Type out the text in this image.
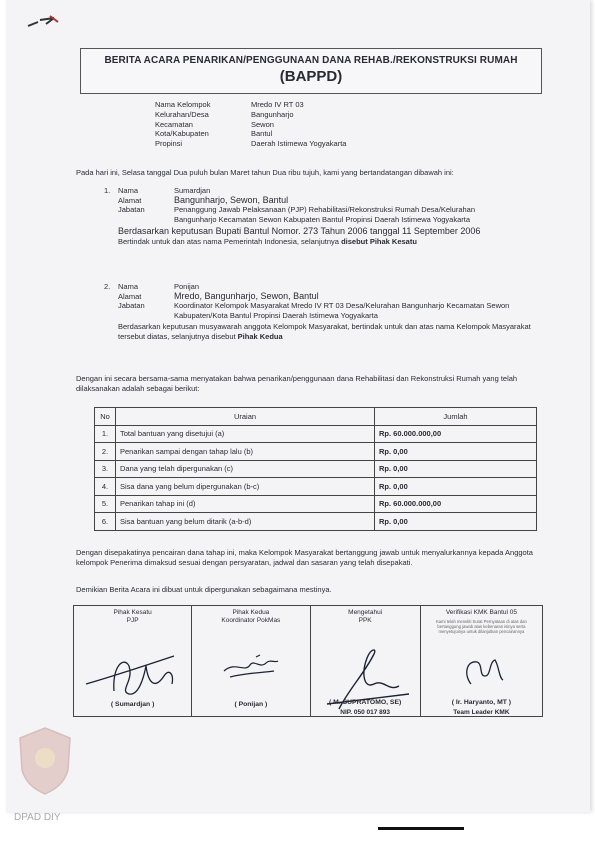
BERITA ACARA PENARIKAN/PENGGUNAAN DANA REHAB./REKONSTRUKSI RUMAH
(BAPPD)
Nama Kelompok	Mredo IV RT 03
Kelurahan/Desa	Bangunharjo
Kecamatan	Sewon
Kota/Kabupaten	Bantul
Propinsi	Daerah Istimewa Yogyakarta
Pada hari ini, Selasa tanggal Dua puluh bulan Maret tahun Dua ribu tujuh, kami yang bertandatangan dibawah ini:
1.	Nama	Sumardjan
Alamat	Bangunharjo, Sewon, Bantul
Jabatan	Penanggung Jawab Pelaksanaan (PJP) Rehabilitasi/Rekonstruksi Rumah Desa/Kelurahan Bangunharjo Kecamatan Sewon Kabupaten Bantul Propinsi Daerah Istimewa Yogyakarta
Berdasarkan keputusan Bupati Bantul Nomor. 273 Tahun 2006 tanggal 11 September 2006
Bertindak untuk dan atas nama Pemerintah Indonesia, selanjutnya disebut Pihak Kesatu
2.	Nama	Ponijan
Alamat	Mredo, Bangunharjo, Sewon, Bantul
Jabatan	Koordinator Kelompok Masyarakat Mredo IV RT 03 Desa/Kelurahan Bangunharjo Kecamatan Sewon Kabupaten/Kota Bantul Propinsi Daerah Istimewa Yogyakarta
Berdasarkan keputusan musyawarah anggota Kelompok Masyarakat, bertindak untuk dan atas nama Kelompok Masyarakat tersebut diatas, selanjutnya disebut Pihak Kedua
Dengan ini secara bersama-sama menyatakan bahwa penarikan/penggunaan dana Rehabilitasi dan Rekonstruksi Rumah yang telah dilaksanakan adalah sebagai berikut:
No	Uraian	Jumlah
1.	Total bantuan yang disetujui (a)	Rp. 60.000.000,00
2.	Penarikan sampai dengan tahap lalu (b)	Rp. 0,00
3.	Dana yang telah dipergunakan (c)	Rp. 0,00
4.	Sisa dana yang belum dipergunakan (b-c)	Rp. 0,00
5.	Penarikan tahap ini (d)	Rp. 60.000.000,00
6.	Sisa bantuan yang belum ditarik (a-b-d)	Rp. 0,00
Dengan disepakatinya pencairan dana tahap ini, maka Kelompok Masyarakat bertanggung jawab untuk menyalurkannya kepada Anggota kelompok Penerima dimaksud sesuai dengan persyaratan, jadwal dan sasaran yang telah disepakati.
Demikian Berita Acara ini dibuat untuk dipergunakan sebagaimana mestinya.
Pihak Kesatu
PJP
( Sumardjan )
Pihak Kedua
Koordinator PokMas
( Ponijan )
Mengetahui
PPK
( M. SUPRATOMO, SE)
NIP. 050 017 893
Verifikasi KMK Bantul 05
Kami telah meneliti Surat Pernyataan di atas dan bertanggung jawab atas kebenaran isinya serta menyetujuinya untuk dilanjutkan pencairannya
( Ir. Haryanto, MT )
Team Leader KMK
DPAD DIY
